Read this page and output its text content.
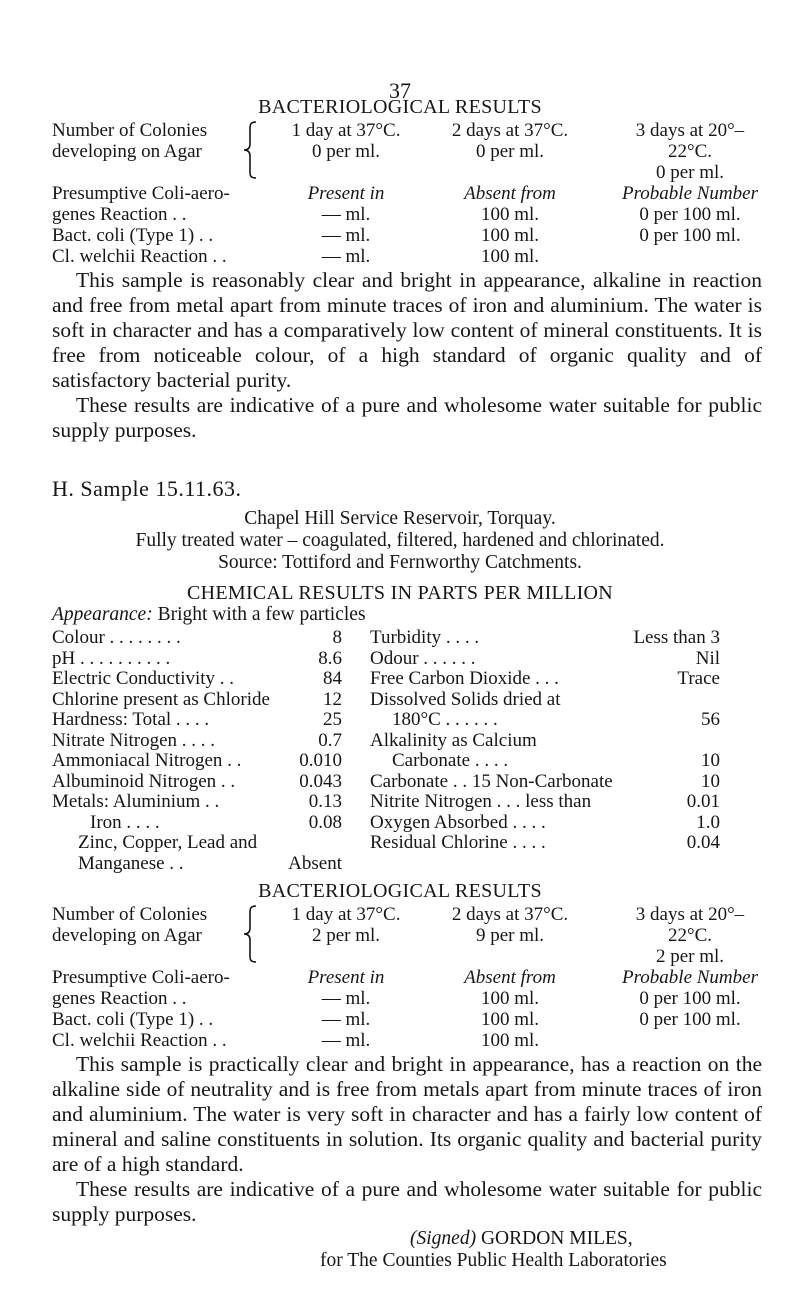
37
BACTERIOLOGICAL RESULTS
Number of Colonies	1 day at 37°C.	2 days at 37°C.	3 days at 20°–
developing on Agar	0 per ml.	0 per ml.	22°C.
0 per ml.
Presumptive Coli-aero-	Present in	Absent from	Probable Number
genes Reaction . .	— ml.	100 ml.	0 per 100 ml.
Bact. coli (Type 1) . .	— ml.	100 ml.	0 per 100 ml.
Cl. welchii Reaction . .	— ml.	100 ml.

This sample is reasonably clear and bright in appearance, alkaline in reaction and free from metal apart from minute traces of iron and aluminium. The water is soft in character and has a comparatively low content of mineral constituents. It is free from noticeable colour, of a high standard of organic quality and of satisfactory bacterial purity.

These results are indicative of a pure and wholesome water suitable for public supply purposes.

H. Sample 15.11.63.
Chapel Hill Service Reservoir, Torquay.
Fully treated water – coagulated, filtered, hardened and chlorinated.
Source: Tottiford and Fernworthy Catchments.
CHEMICAL RESULTS IN PARTS PER MILLION
Appearance: Bright with a few particles
Colour . . . . . . . .	8
pH . . . . . . . . . .	8.6
Electric Conductivity . .	84
Chlorine present as Chloride	12
Hardness: Total . . . .	25
Nitrate Nitrogen . . . .	0.7
Ammoniacal Nitrogen . .	0.010
Albuminoid Nitrogen . .	0.043
Metals: Aluminium . .	0.13
Iron . . . .	0.08
Zinc, Copper, Lead and
Manganese . .	Absent
Turbidity . . . .	Less than 3
Odour . . . . . .	Nil
Free Carbon Dioxide . . .	Trace
Dissolved Solids dried at
180°C . . . . . .	56
Alkalinity as Calcium
Carbonate . . . .	10
Carbonate . . 15 Non-Carbonate	10
Nitrite Nitrogen . . . less than	0.01
Oxygen Absorbed . . . .	1.0
Residual Chlorine . . . .	0.04
BACTERIOLOGICAL RESULTS
Number of Colonies	1 day at 37°C.	2 days at 37°C.	3 days at 20°–
developing on Agar	2 per ml.	9 per ml.	22°C.
2 per ml.
Presumptive Coli-aero-	Present in	Absent from	Probable Number
genes Reaction . .	— ml.	100 ml.	0 per 100 ml.
Bact. coli (Type 1) . .	— ml.	100 ml.	0 per 100 ml.
Cl. welchii Reaction . .	— ml.	100 ml.

This sample is practically clear and bright in appearance, has a reaction on the alkaline side of neutrality and is free from metals apart from minute traces of iron and aluminium. The water is very soft in character and has a fairly low content of mineral and saline constituents in solution. Its organic quality and bacterial purity are of a high standard.

These results are indicative of a pure and wholesome water suitable for public supply purposes.

(Signed) GORDON MILES,
for The Counties Public Health Laboratories
